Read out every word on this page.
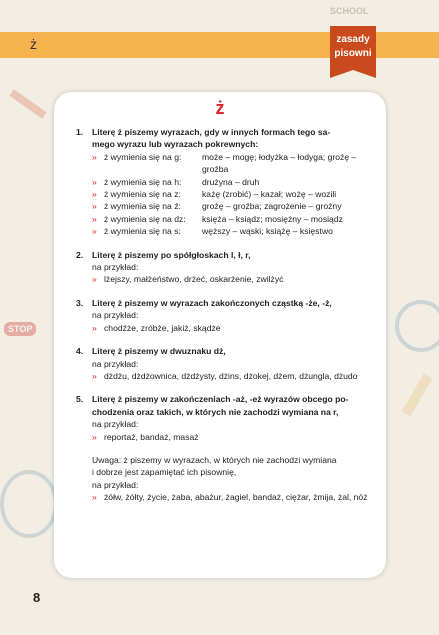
SCHOOL
STOP
ż	zasady
pisowni
ż
1. Literę ż piszemy wyrazach, gdy w innych formach tego sa-
mego wyrazu lub wyrazach pokrewnych:
» ż wymienia się na g:	może – mogę; łodyżka – łodyga; groźę – groźba
» ż wymienia się na h:	drużyna – druh
» ż wymienia się na z:	każę (zrobić) – kazał; wożę – wozili
» ż wymienia się na ź:	grożę – groźba; zagrożenie – groźny
» ż wymienia się na dz:	księża – ksiądz; mosiężny – mosiądz
» ż wymienia się na s:	węższy – wąski; książę – księstwo
2. Literę ż piszemy po spółgłoskach l, ł, r,
na przykład:
» lżejszy, małżeństwo, drżeć, oskarżenie, zwilżyć
3. Literę ż piszemy w wyrazach zakończonych cząstką -że, -ż,
na przykład:
» chodźże, zróbże, jakiż, skądże
4. Literę ż piszemy w dwuznaku dż,
na przykład:
» dżdżu, dżdżownica, dżdżysty, dżins, dżokej, dżem, dżungla, dżudo
5. Literę ż piszemy w zakończeniach -aż, -eż wyrazów obcego po-
chodzenia oraz takich, w których nie zachodzi wymiana na r,
na przykład:
» reportaż, bandaż, masaż
Uwaga: ż piszemy w wyrazach, w których nie zachodzi wymiana
i dobrze jest zapamiętać ich pisownię,
na przykład:
» żółw, żółty, życie, żaba, abażur, żagiel, bandaż, ciężar, żmija, żal, nóż
8
